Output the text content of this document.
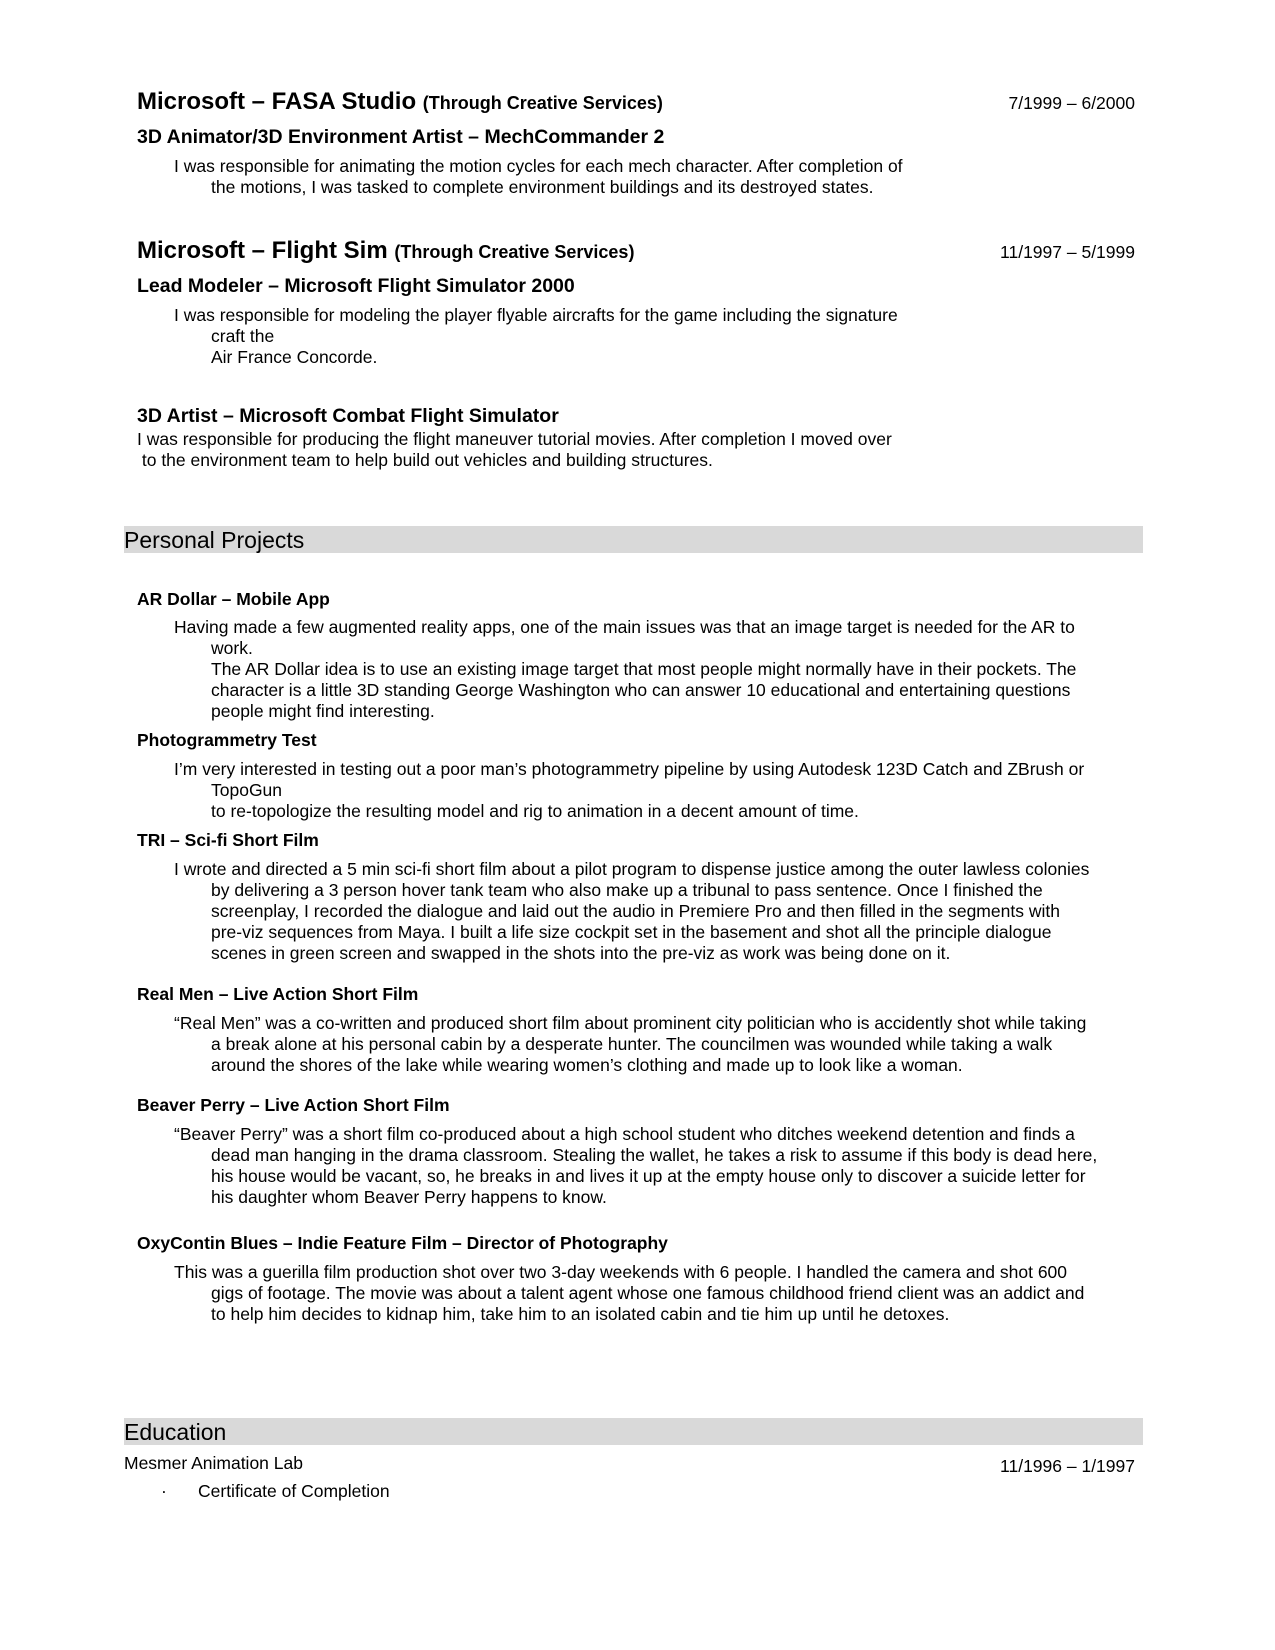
Microsoft – FASA Studio (Through Creative Services)	7/1999 – 6/2000
3D Animator/3D Environment Artist – MechCommander 2
I was responsible for animating the motion cycles for each mech character. After completion of
the motions, I was tasked to complete environment buildings and its destroyed states.
Microsoft – Flight Sim (Through Creative Services)	11/1997 – 5/1999
Lead Modeler – Microsoft Flight Simulator 2000
I was responsible for modeling the player flyable aircrafts for the game including the signature
craft the
Air France Concorde.
3D Artist – Microsoft Combat Flight Simulator
I was responsible for producing the flight maneuver tutorial movies. After completion I moved over
to the environment team to help build out vehicles and building structures.
Personal Projects
AR Dollar – Mobile App
Having made a few augmented reality apps, one of the main issues was that an image target is needed for the AR to
work.
The AR Dollar idea is to use an existing image target that most people might normally have in their pockets. The
character is a little 3D standing George Washington who can answer 10 educational and entertaining questions
people might find interesting.
Photogrammetry Test
I’m very interested in testing out a poor man’s photogrammetry pipeline by using Autodesk 123D Catch and ZBrush or
TopoGun
to re-topologize the resulting model and rig to animation in a decent amount of time.
TRI – Sci-fi Short Film
I wrote and directed a 5 min sci-fi short film about a pilot program to dispense justice among the outer lawless colonies
by delivering a 3 person hover tank team who also make up a tribunal to pass sentence. Once I finished the
screenplay, I recorded the dialogue and laid out the audio in Premiere Pro and then filled in the segments with
pre-viz sequences from Maya. I built a life size cockpit set in the basement and shot all the principle dialogue
scenes in green screen and swapped in the shots into the pre-viz as work was being done on it.
Real Men – Live Action Short Film
“Real Men” was a co-written and produced short film about prominent city politician who is accidently shot while taking
a break alone at his personal cabin by a desperate hunter. The councilmen was wounded while taking a walk
around the shores of the lake while wearing women’s clothing and made up to look like a woman.
Beaver Perry – Live Action Short Film
“Beaver Perry” was a short film co-produced about a high school student who ditches weekend detention and finds a
dead man hanging in the drama classroom. Stealing the wallet, he takes a risk to assume if this body is dead here,
his house would be vacant, so, he breaks in and lives it up at the empty house only to discover a suicide letter for
his daughter whom Beaver Perry happens to know.
OxyContin Blues – Indie Feature Film – Director of Photography
This was a guerilla film production shot over two 3-day weekends with 6 people. I handled the camera and shot 600
gigs of footage. The movie was about a talent agent whose one famous childhood friend client was an addict and
to help him decides to kidnap him, take him to an isolated cabin and tie him up until he detoxes.
Education
Mesmer Animation Lab	11/1996 – 1/1997
· Certificate of Completion
